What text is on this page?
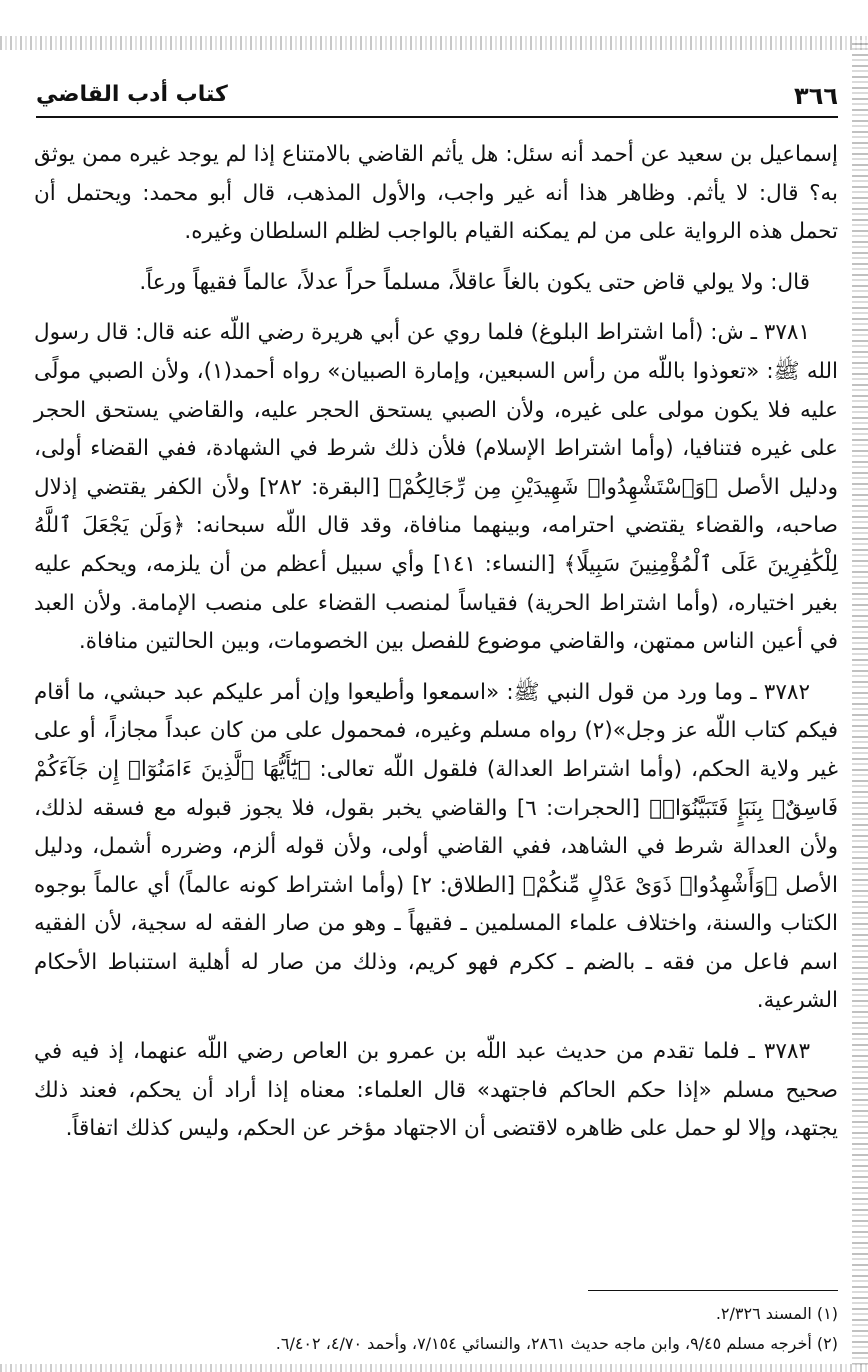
٣٦٦
كتاب أدب القاضي

إسماعيل بن سعيد عن أحمد أنه سئل: هل يأثم القاضي بالامتناع إذا لم يوجد غيره ممن يوثق به؟ قال: لا يأثم. وظاهر هذا أنه غير واجب، والأول المذهب، قال أبو محمد: ويحتمل أن تحمل هذه الرواية على من لم يمكنه القيام بالواجب لظلم السلطان وغيره.

قال: ولا يولي قاض حتى يكون بالغاً عاقلاً، مسلماً حراً عدلاً، عالماً فقيهاً ورعاً.

٣٧٨١ ـ ش: (أما اشتراط البلوغ) فلما روي عن أبي هريرة رضي اللّه عنه قال: قال رسول الله ﷺ: «تعوذوا باللّه من رأس السبعين، وإمارة الصبيان» رواه أحمد(١)، ولأن الصبي مولًى عليه فلا يكون مولى على غيره، ولأن الصبي يستحق الحجر عليه، والقاضي يستحق الحجر على غيره فتنافيا، (وأما اشتراط الإسلام) فلأن ذلك شرط في الشهادة، ففي القضاء أولى، ودليل الأصل ﴿وَٱسْتَشْهِدُوا۟ شَهِيدَيْنِ مِن رِّجَالِكُمْ﴾ [البقرة: ٢٨٢] ولأن الكفر يقتضي إذلال صاحبه، والقضاء يقتضي احترامه، وبينهما منافاة، وقد قال اللّه سبحانه: ﴿وَلَن يَجْعَلَ ٱللَّهُ لِلْكَٰفِرِينَ عَلَى ٱلْمُؤْمِنِينَ سَبِيلًا﴾ [النساء: ١٤١] وأي سبيل أعظم من أن يلزمه، ويحكم عليه بغير اختياره، (وأما اشتراط الحرية) فقياساً لمنصب القضاء على منصب الإمامة. ولأن العبد في أعين الناس ممتهن، والقاضي موضوع للفصل بين الخصومات، وبين الحالتين منافاة.

٣٧٨٢ ـ وما ورد من قول النبي ﷺ: «اسمعوا وأطيعوا وإن أمر عليكم عبد حبشي، ما أقام فيكم كتاب اللّه عز وجل»(٢) رواه مسلم وغيره، فمحمول على من كان عبداً مجازاً، أو على غير ولاية الحكم، (وأما اشتراط العدالة) فلقول اللّه تعالى: ﴿يَٰٓأَيُّهَا ٱلَّذِينَ ءَامَنُوٓا۟ إِن جَآءَكُمْ فَاسِقٌۢ بِنَبَإٍ فَتَبَيَّنُوٓا۟﴾ [الحجرات: ٦] والقاضي يخبر بقول، فلا يجوز قبوله مع فسقه لذلك، ولأن العدالة شرط في الشاهد، ففي القاضي أولى، ولأن قوله ألزم، وضرره أشمل، ودليل الأصل ﴿وَأَشْهِدُوا۟ ذَوَىْ عَدْلٍ مِّنكُمْ﴾ [الطلاق: ٢] (وأما اشتراط كونه عالماً) أي عالماً بوجوه الكتاب والسنة، واختلاف علماء المسلمين ـ فقيهاً ـ وهو من صار الفقه له سجية، لأن الفقيه اسم فاعل من فقه ـ بالضم ـ ككرم فهو كريم، وذلك من صار له أهلية استنباط الأحكام الشرعية.

٣٧٨٣ ـ فلما تقدم من حديث عبد اللّه بن عمرو بن العاص رضي اللّه عنهما، إذ فيه في صحيح مسلم «إذا حكم الحاكم فاجتهد» قال العلماء: معناه إذا أراد أن يحكم، فعند ذلك يجتهد، وإلا لو حمل على ظاهره لاقتضى أن الاجتهاد مؤخر عن الحكم، وليس كذلك اتفاقاً.

(١) المسند ٢/٣٢٦.

(٢) أخرجه مسلم ٩/٤٥، وابن ماجه حديث ٢٨٦١، والنسائي ٧/١٥٤، وأحمد ٤/٧٠، ٦/٤٠٢.
